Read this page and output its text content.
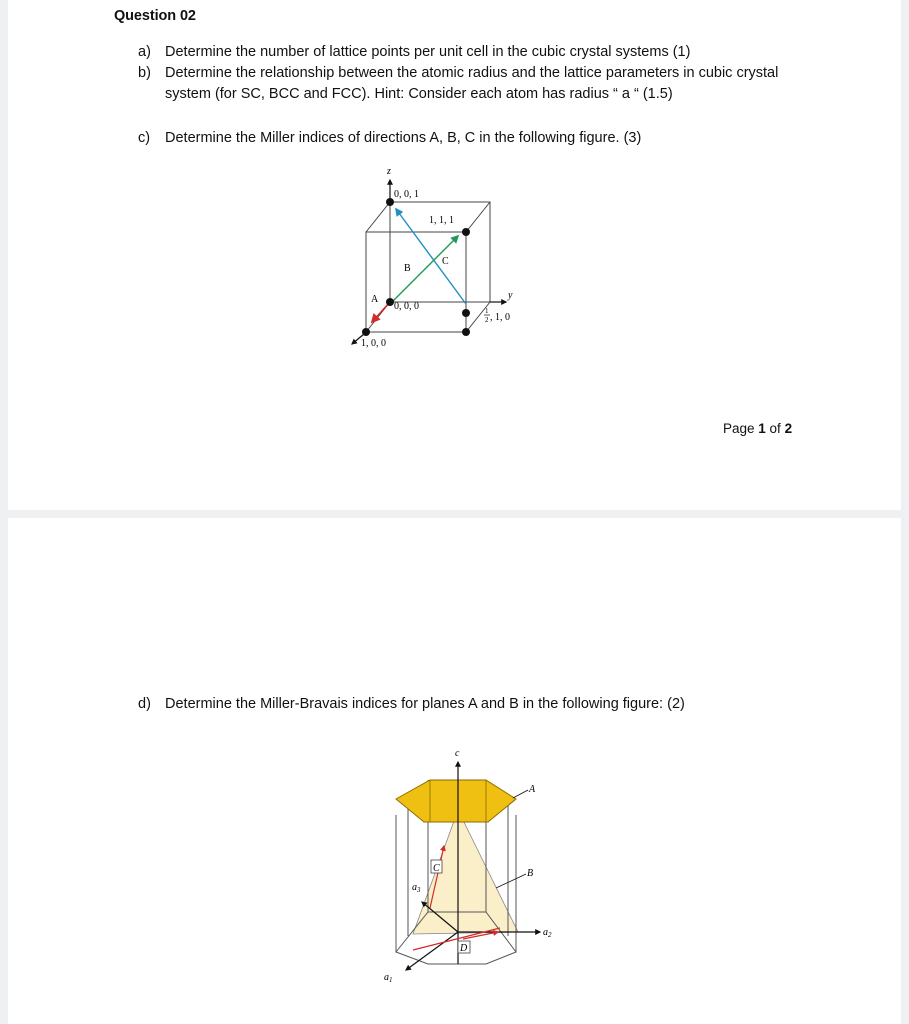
Question 02
a) Determine the number of lattice points per unit cell in the cubic crystal systems (1)
b) Determine the relationship between the atomic radius and the lattice parameters in cubic crystal system (for SC, BCC and FCC). Hint: Consider each atom has radius “ a “ (1.5)
c) Determine the Miller indices of directions A, B, C in the following figure. (3)
z
y
0, 0, 1
1, 1, 1
0, 0, 0
1, 0, 0
1
2 , 1, 0
A
B
C
Page 1 of 2
d) Determine the Miller-Bravais indices for planes A and B in the following figure: (2)
c
$a_2$
$a_1$
$a_3$
C
D
A
B
